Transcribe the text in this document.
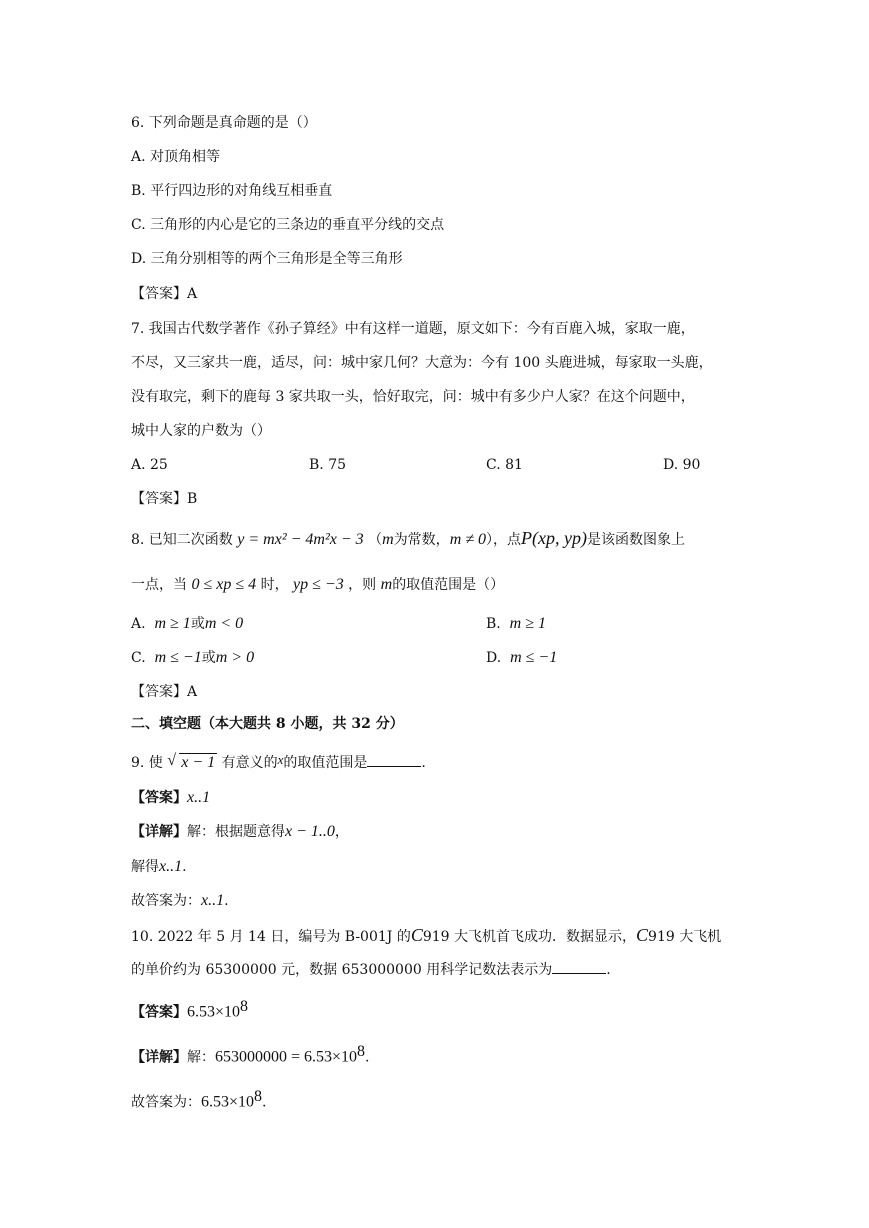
6. 下列命题是真命题的是（）
A. 对顶角相等
B. 平行四边形的对角线互相垂直
C. 三角形的内心是它的三条边的垂直平分线的交点
D. 三角分别相等的两个三角形是全等三角形
【答案】A
7. 我国古代数学著作《孙子算经》中有这样一道题，原文如下：今有百鹿入城，家取一鹿，
不尽，又三家共一鹿，适尽，问：城中家几何？大意为：今有 100 头鹿进城，每家取一头鹿，
没有取完，剩下的鹿每 3 家共取一头，恰好取完，问：城中有多少户人家？在这个问题中，
城中人家的户数为（）
A. 25	B. 75	C. 81	D. 90
【答案】B
8. 已知二次函数 y = mx² − 4m²x − 3 （m为常数，m ≠ 0），点P(xp, yp)是该函数图象上
一点，当 0 ≤ xp ≤ 4 时， yp ≤ −3 ，则 m的取值范围是（）
A. m ≥ 1或m < 0	B. m ≥ 1
C. m ≤ −1或m > 0	D. m ≤ −1
【答案】A
二、填空题（本大题共 8 小题，共 32 分）
9. 使 √ x − 1 有意义的x的取值范围是	.
【答案】x..1
【详解】解：根据题意得x − 1..0，
解得x..1.
故答案为：x..1.
10. 2022 年 5 月 14 日，编号为 B-001J 的C919 大飞机首飞成功．数据显示，C919 大飞机
的单价约为 65300000 元，数据 653000000 用科学记数法表示为	.
【答案】$6.53\times 10^8$
【详解】解：$653000000 = 6.53\times 10^8$.
故答案为：$6.53\times 10^8$.
